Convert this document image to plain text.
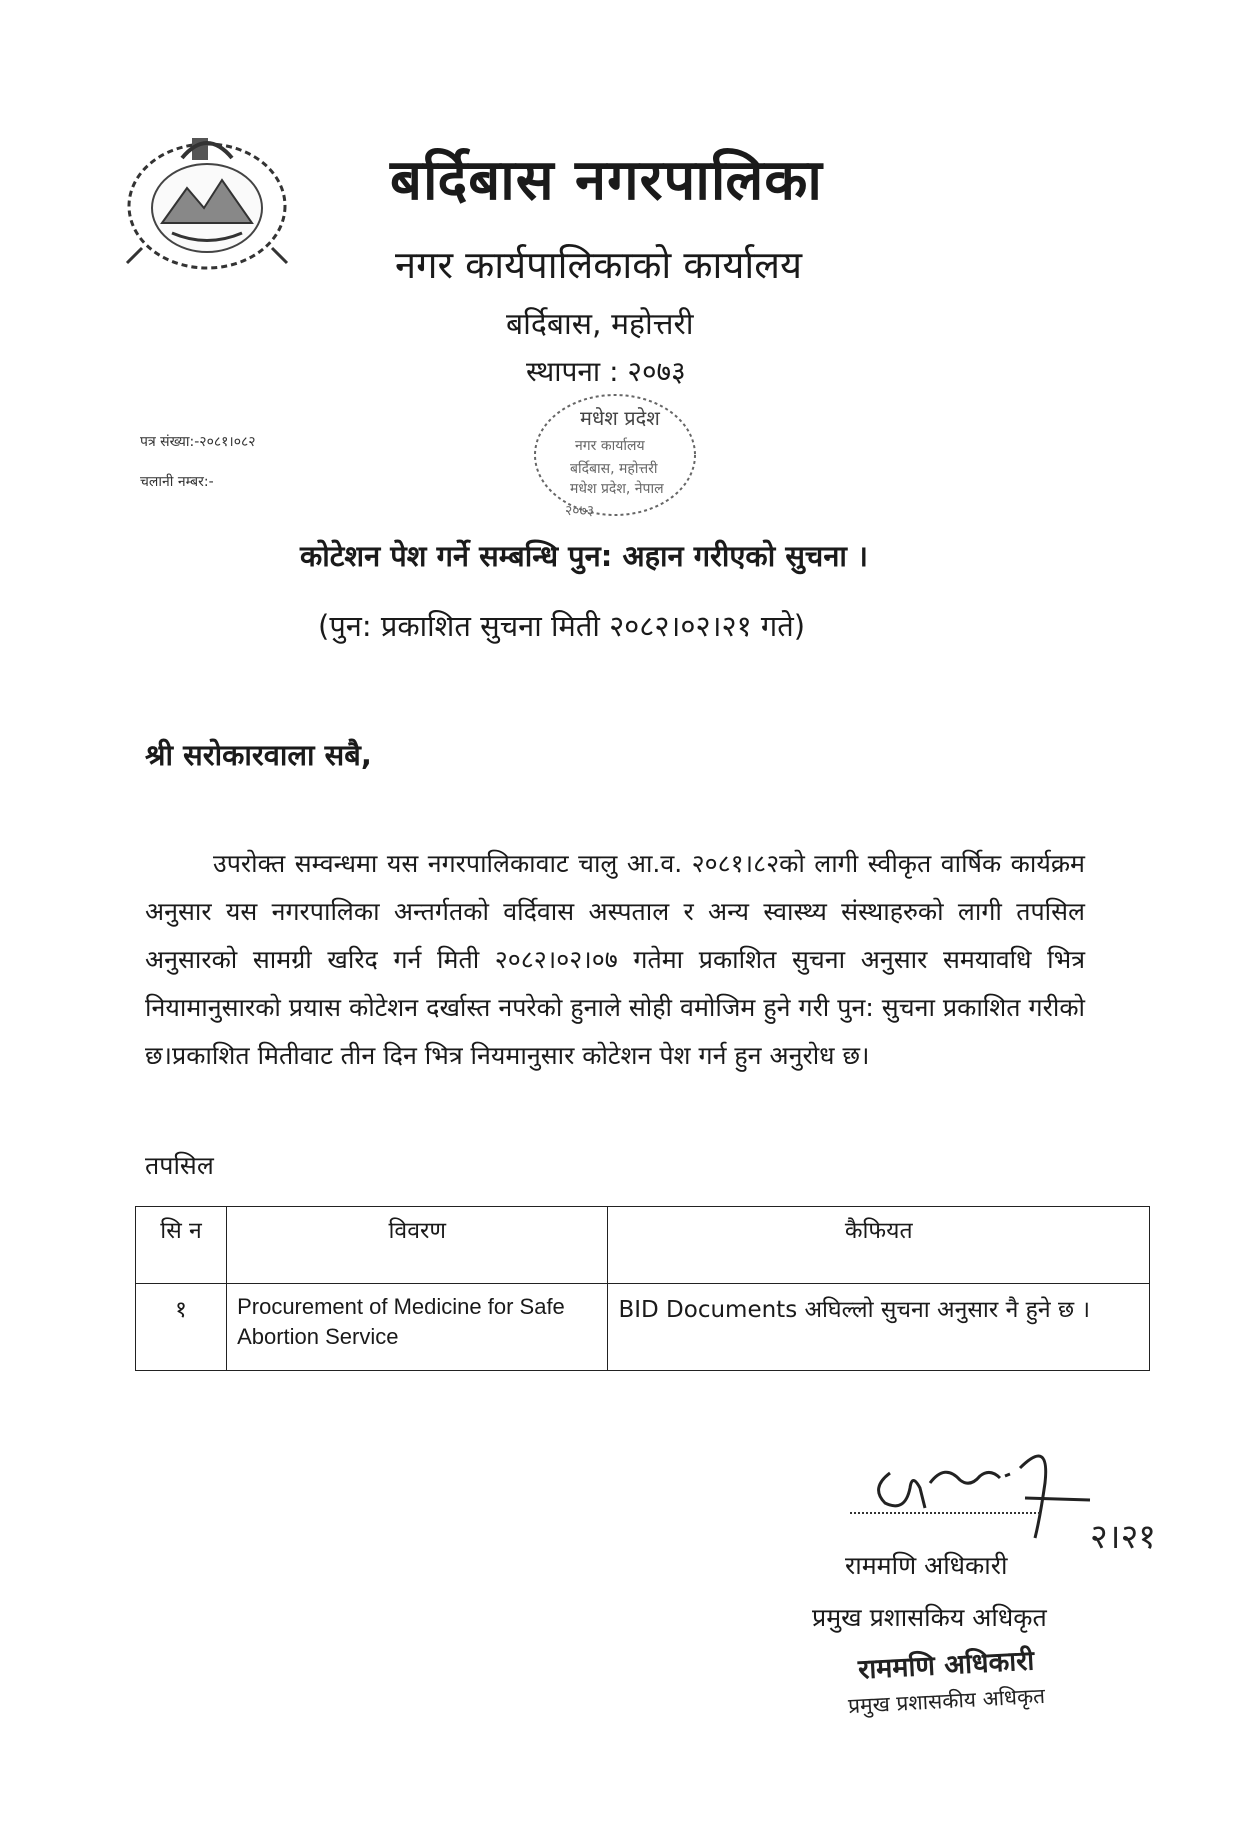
बर्दिबास नगरपालिका
नगर कार्यपालिकाको कार्यालय
बर्दिबास, महोत्तरी
स्थापना : २०७३
मधेश प्रदेश
नगर कार्यालय
बर्दिबास, महोत्तरी
मधेश प्रदेश, नेपाल
२०७३
पत्र संख्या:-२०८१।०८२
चलानी नम्बर:-
कोटेशन पेश गर्ने सम्बन्धि पुन: अहान गरीएको सुचना ।
(पुन: प्रकाशित सुचना मिती २०८२।०२।२१ गते)
श्री सरोकारवाला सबै,
उपरोक्त सम्वन्धमा यस नगरपालिकावाट चालु आ.व. २०८१।८२को लागी स्वीकृत वार्षिक कार्यक्रम अनुसार यस नगरपालिका अन्तर्गतको वर्दिवास अस्पताल र अन्य स्वास्थ्य संस्थाहरुको लागी तपसिल अनुसारको सामग्री खरिद गर्न मिती २०८२।०२।०७ गतेमा प्रकाशित सुचना अनुसार समयावधि भित्र नियामानुसारको प्रयास कोटेशन दर्खास्त नपरेको हुनाले सोही वमोजिम हुने गरी पुन: सुचना प्रकाशित गरीको छ।प्रकाशित मितीवाट तीन दिन भित्र नियमानुसार कोटेशन पेश गर्न हुन अनुरोध छ।
तपसिल
सि न	विवरण	कैफियत
१	Procurement of Medicine for Safe Abortion Service	BID Documents अघिल्लो सुचना अनुसार नै हुने छ ।
२।२१
राममणि अधिकारी
प्रमुख प्रशासकिय अधिकृत
राममणि अधिकारी
प्रमुख प्रशासकीय अधिकृत
